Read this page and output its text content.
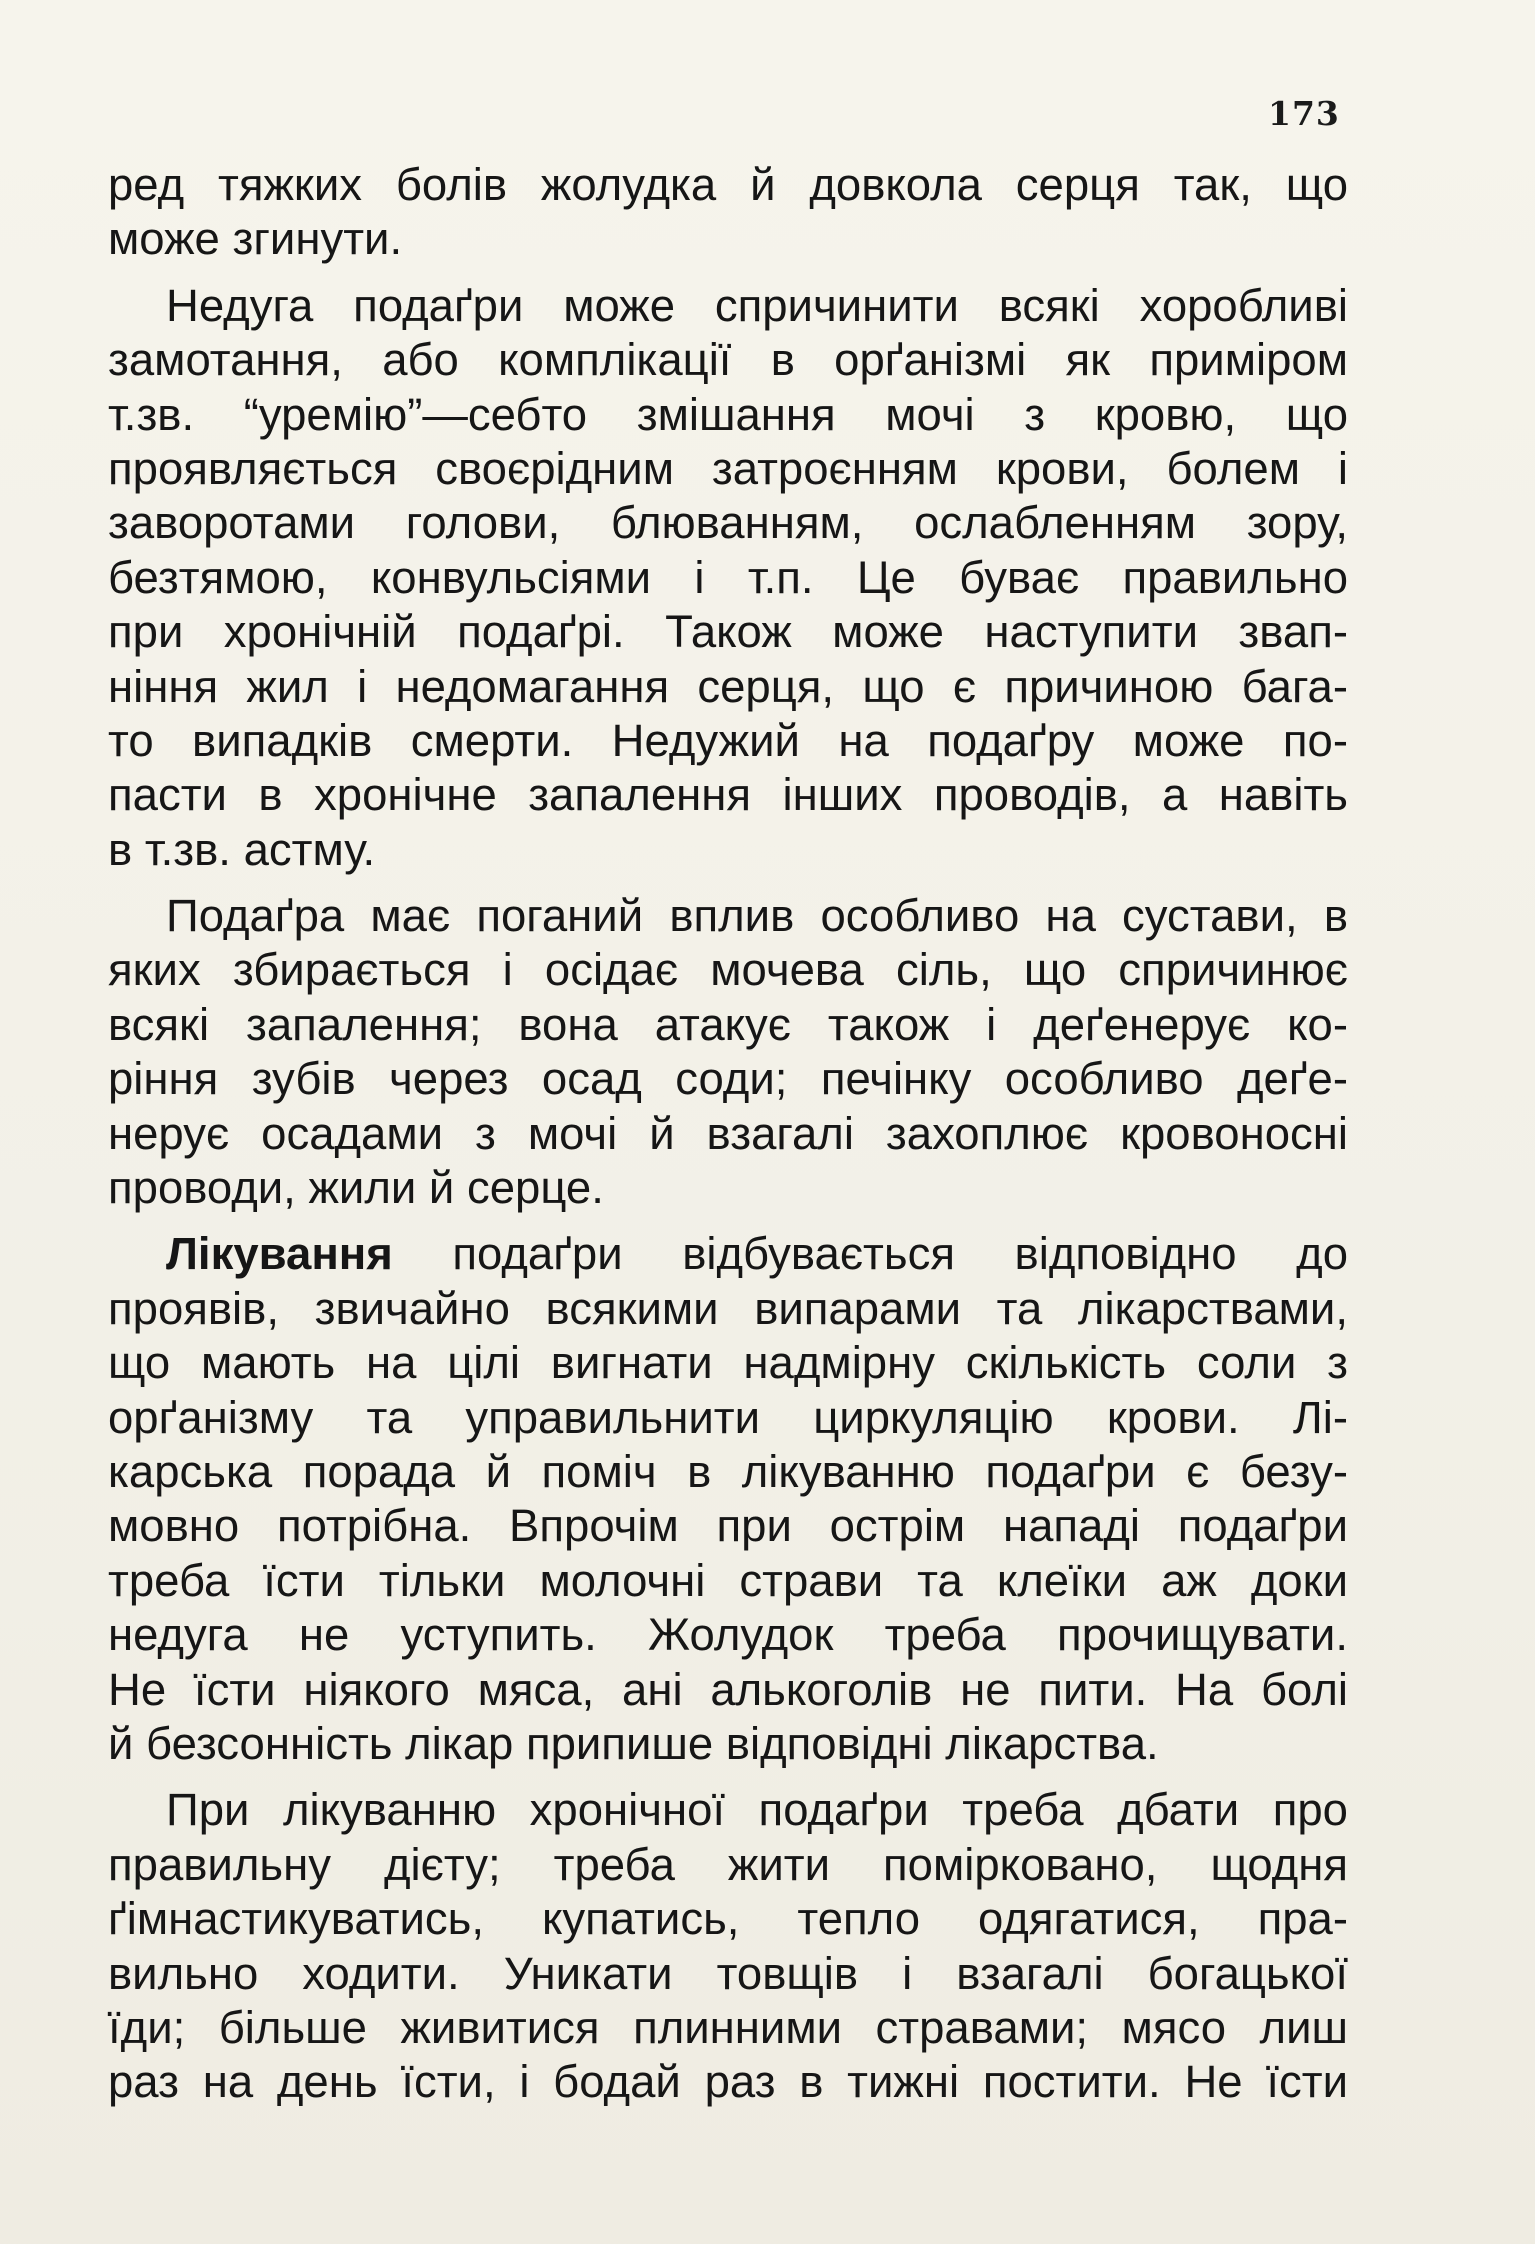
173
ред тяжких болів жолудка й довкола серця так, що
може згинути.
Недуга подаґри може спричинити всякі хоробливі
замотання, або комплікації в орґанізмі як приміром
т.зв. “уремію”—себто змішання мочі з кровю, що
проявляється своєрідним затроєнням крови, болем і
заворотами голови, блюванням, ослабленням зору,
безтямою, конвульсіями і т.п. Це буває правильно
при хронічній подаґрі. Також може наступити звап-
ніння жил і недомагання серця, що є причиною бага-
то випадків смерти. Недужий на подаґру може по-
пасти в хронічне запалення інших проводів, а навіть
в т.зв. астму.
Подаґра має поганий вплив особливо на сустави, в
яких збирається і осідає мочева сіль, що спричинює
всякі запалення; вона атакує також і деґенерує ко-
ріння зубів через осад соди; печінку особливо деґе-
нерує осадами з мочі й взагалі захоплює кровоносні
проводи, жили й серце.
Лікування подаґри відбувається відповідно до
проявів, звичайно всякими випарами та лікарствами,
що мають на цілі вигнати надмірну скількість соли з
орґанізму та управильнити циркуляцію крови. Лі-
карська порада й поміч в лікуванню подаґри є безу-
мовно потрібна. Впрочім при острім нападі подаґри
треба їсти тільки молочні страви та клеїки аж доки
недуга не уступить. Жолудок треба прочищувати.
Не їсти ніякого мяса, ані алькоголів не пити. На болі
й безсонність лікар припише відповідні лікарства.
При лікуванню хронічної подаґри треба дбати про
правильну дієту; треба жити помірковано, щодня
ґімнастикуватись, купатись, тепло одягатися, пра-
вильно ходити. Уникати товщів і взагалі богацької
їди; більше живитися плинними стравами; мясо лиш
раз на день їсти, і бодай раз в тижні постити. Не їсти
